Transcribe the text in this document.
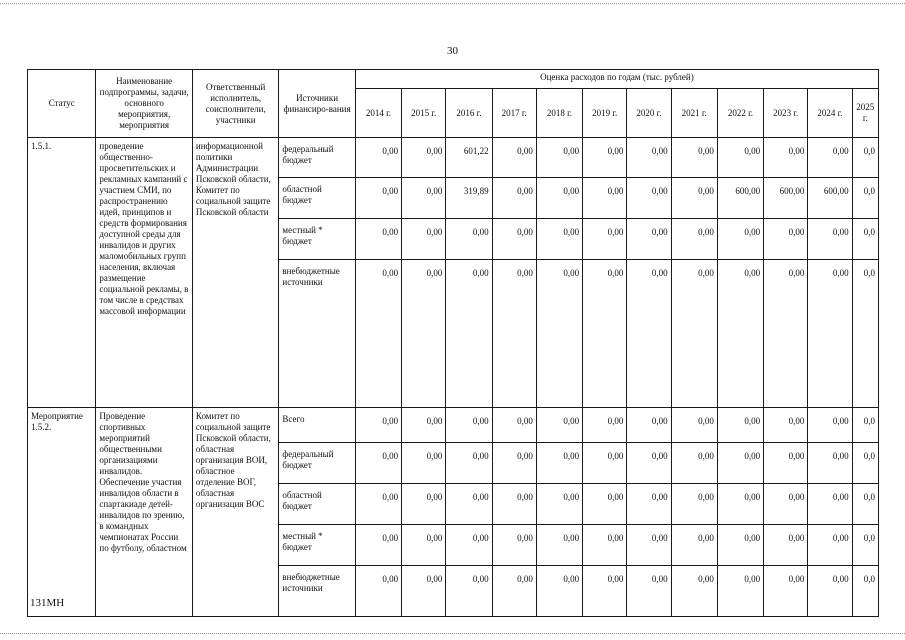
30
Статус	Наименование подпрограммы, задачи, основного мероприятия, мероприятия	Ответственный исполнитель, соисполнители, участники	Источники финансиро-вания	Оценка расходов по годам (тыс. рублей)											
				2014 г.	2015 г.	2016 г.	2017 г.	2018 г.	2019 г.	2020 г.	2021 г.	2022 г.	2023 г.	2024 г.	2025 г.
1.5.1.	проведение общественно-просветительских и рекламных кампаний с участием СМИ, по распространению идей, принципов и средств формирования доступной среды для инвалидов и других маломобильных групп населения, включая размещение социальной рекламы, в том числе в средствах массовой информации	информационной политики Администрации Псковской области, Комитет по социальной защите Псковской области	федеральный бюджет	0,00	0,00	601,22	0,00	0,00	0,00	0,00	0,00	0,00	0,00	0,00	0,0
			областной бюджет	0,00	0,00	319,89	0,00	0,00	0,00	0,00	0,00	600,00	600,00	600,00	0,0
			местный * бюджет	0,00	0,00	0,00	0,00	0,00	0,00	0,00	0,00	0,00	0,00	0,00	0,0
			внебюджетные источники	0,00	0,00	0,00	0,00	0,00	0,00	0,00	0,00	0,00	0,00	0,00	0,0
Мероприятие 1.5.2.	Проведение спортивных мероприятий общественными организациями инвалидов. Обеспечение участия инвалидов области в спартакиаде детей-инвалидов по зрению, в командных чемпионатах России по футболу, областном	Комитет по социальной защите Псковской области, областная организация ВОИ, областное отделение ВОГ, областная организация ВОС	Всего	0,00	0,00	0,00	0,00	0,00	0,00	0,00	0,00	0,00	0,00	0,00	0,0
			федеральный бюджет	0,00	0,00	0,00	0,00	0,00	0,00	0,00	0,00	0,00	0,00	0,00	0,0
			областной бюджет	0,00	0,00	0,00	0,00	0,00	0,00	0,00	0,00	0,00	0,00	0,00	0,0
			местный * бюджет	0,00	0,00	0,00	0,00	0,00	0,00	0,00	0,00	0,00	0,00	0,00	0,0
			внебюджетные источники	0,00	0,00	0,00	0,00	0,00	0,00	0,00	0,00	0,00	0,00	0,00	0,0
131МН
